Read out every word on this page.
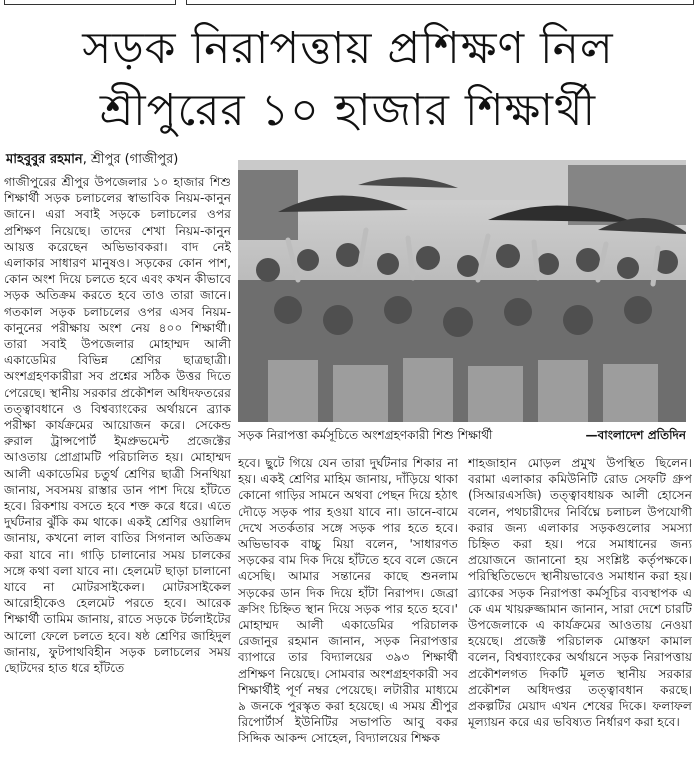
সড়ক নিরাপত্তায় প্রশিক্ষণ নিল
শ্রীপুরের ১০ হাজার শিক্ষার্থী
মাহবুবুর রহমান, শ্রীপুর (গাজীপুর)

গাজীপুরের শ্রীপুর উপজেলার ১০ হাজার শিশু শিক্ষার্থী সড়ক চলাচলের স্বাভাবিক নিয়ম-কানুন জানে। এরা সবাই সড়কে চলাচলের ওপর প্রশিক্ষণ নিয়েছে। তাদের শেখা নিয়ম-কানুন আয়ত্ত করেছেন অভিভাবকরা। বাদ নেই এলাকার সাধারণ মানুষও। সড়কের কোন পাশ, কোন অংশ দিয়ে চলতে হবে এবং কখন কীভাবে সড়ক অতিক্রম করতে হবে তাও তারা জানে। গতকাল সড়ক চলাচলের ওপর এসব নিয়ম-কানুনের পরীক্ষায় অংশ নেয় ৪০০ শিক্ষার্থী। তারা সবাই উপজেলার মোহাম্মদ আলী একাডেমির বিভিন্ন শ্রেণির ছাত্রছাত্রী। অংশগ্রহণকারীরা সব প্রশ্নের সঠিক উত্তর দিতে পেরেছে। স্থানীয় সরকার প্রকৌশল অধিদফতরের তত্ত্বাবধানে ও বিশ্বব্যাংকের অর্থায়নে ব্র্যাক পরীক্ষা কার্যক্রমের আয়োজন করে। সেকেন্ড রুরাল ট্রান্সপোর্ট ইমপ্রুভমেন্ট প্রজেক্টের আওতায় প্রোগ্রামটি পরিচালিত হয়। মোহাম্মদ আলী একাডেমির চতুর্থ শ্রেণির ছাত্রী সিনথিয়া জানায়, সবসময় রাস্তার ডান পাশ দিয়ে হাঁটতে হবে। রিকশায় বসতে হবে শক্ত করে ধরে। এতে দুর্ঘটনার ঝুঁকি কম থাকে। একই শ্রেণির ওয়ালিদ জানায়, কখনো লাল বাতির সিগনাল অতিক্রম করা যাবে না। গাড়ি চালানোর সময় চালকের সঙ্গে কথা বলা যাবে না। হেলমেট ছাড়া চালানো যাবে না মোটরসাইকেল। মোটরসাইকেল আরোহীকেও হেলমেট পরতে হবে। আরেক শিক্ষার্থী তামিম জানায়, রাতে সড়কে টর্চলাইটের আলো ফেলে চলতে হবে। ষষ্ঠ শ্রেণির জাহিদুল জানায়, ফুটপাথবিহীন সড়ক চলাচলের সময় ছোটদের হাত ধরে হাঁটতে

সড়ক নিরাপত্তা কর্মসূচিতে অংশগ্রহণকারী শিশু শিক্ষার্থী	—বাংলাদেশ প্রতিদিন

হবে। ছুটে গিয়ে যেন তারা দুর্ঘটনার শিকার না হয়। একই শ্রেণির মাহিম জানায়, দাঁড়িয়ে থাকা কোনো গাড়ির সামনে অথবা পেছন দিয়ে হঠাৎ দৌড়ে সড়ক পার হওয়া যাবে না। ডানে-বামে দেখে সতর্কতার সঙ্গে সড়ক পার হতে হবে। অভিভাবক বাচ্চু মিয়া বলেন, 'সাধারণত সড়কের বাম দিক দিয়ে হাঁটতে হবে বলে জেনে এসেছি। আমার সন্তানের কাছে শুনলাম সড়কের ডান দিক দিয়ে হাঁটা নিরাপদ। জেব্রা ক্রসিং চিহ্নিত স্থান দিয়ে সড়ক পার হতে হবে।' মোহাম্মদ আলী একাডেমির পরিচালক রেজানুর রহমান জানান, সড়ক নিরাপত্তার ব্যাপারে তার বিদ্যালয়ের ৩৯৩ শিক্ষার্থী প্রশিক্ষণ নিয়েছে। সোমবার অংশগ্রহণকারী সব শিক্ষার্থীই পূর্ণ নম্বর পেয়েছে। লটারীর মাধ্যমে ৯ জনকে পুরস্কৃত করা হয়েছে। এ সময় শ্রীপুর রিপোর্টার্স ইউনিটির সভাপতি আবু বকর সিদ্দিক আকন্দ সোহেল, বিদ্যালয়ের শিক্ষক

শাহজাহান মোড়ল প্রমুখ উপস্থিত ছিলেন। বরামা এলাকার কমিউনিটি রোড সেফটি গ্রুপ (সিআরএসজি) তত্ত্বাবধায়ক আলী হোসেন বলেন, পথচারীদের নির্বিঘ্নে চলাচল উপযোগী করার জন্য এলাকার সড়কগুলোর সমস্যা চিহ্নিত করা হয়। পরে সমাধানের জন্য প্রয়োজনে জানানো হয় সংশ্লিষ্ট কর্তৃপক্ষকে। পরিস্থিতিভেদে স্থানীয়ভাবেও সমাধান করা হয়। ব্র্যাকের সড়ক নিরাপত্তা কর্মসূচির ব্যবস্থাপক এ কে এম খায়রুজ্জামান জানান, সারা দেশে চারটি উপজেলাকে এ কার্যক্রমের আওতায় নেওয়া হয়েছে। প্রজেক্ট পরিচালক মোস্তফা কামাল বলেন, বিশ্বব্যাংকের অর্থায়নে সড়ক নিরাপত্তায় প্রকৌশলগত দিকটি মূলত স্থানীয় সরকার প্রকৌশল অধিদপ্তর তত্ত্বাবধান করছে। প্রকল্পটির মেয়াদ এখন শেষের দিকে। ফলাফল মূল্যায়ন করে এর ভবিষ্যত নির্ধারণ করা হবে।
